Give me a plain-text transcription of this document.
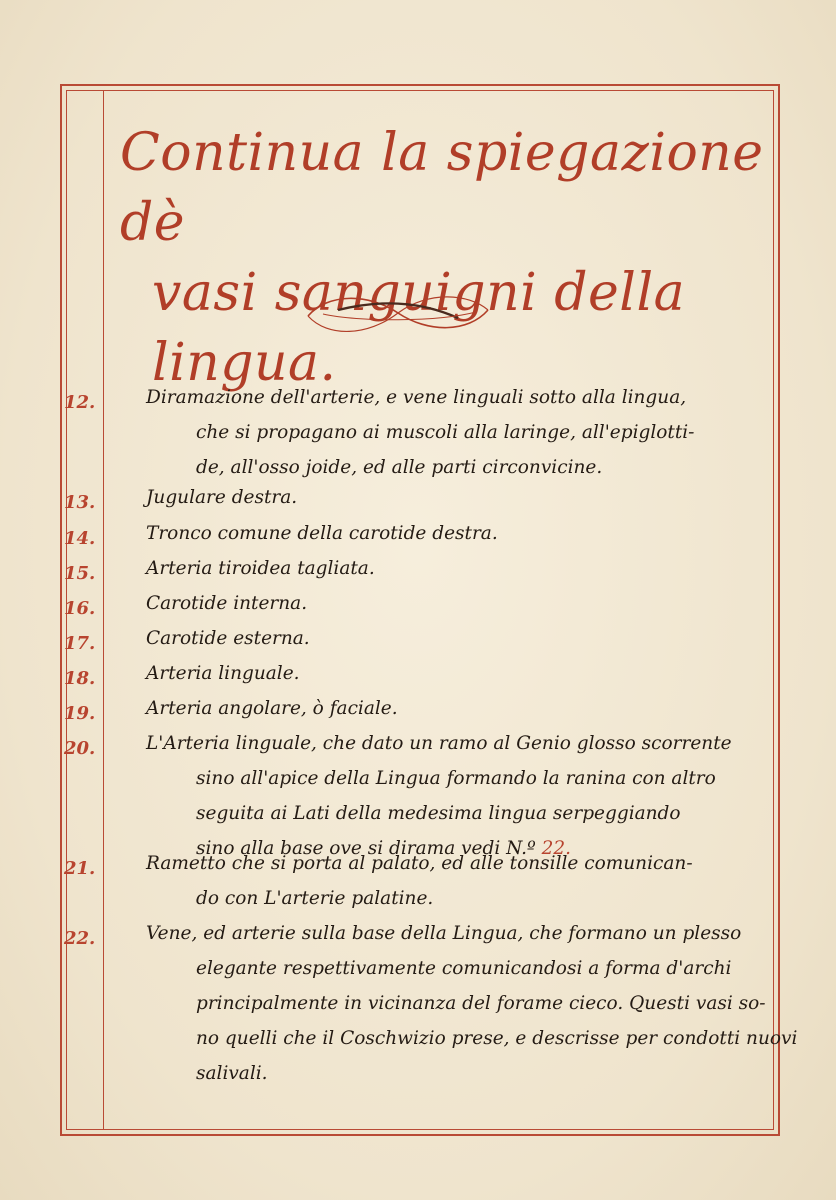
Continua la spiegazione dè
vasi sanguigni della lingua.
12.	Diramazione dell'arterie, e vene linguali sotto alla lingua,
che si propagano ai muscoli alla laringe, all'epiglotti-
de, all'osso joide, ed alle parti circonvicine.
13.	Jugulare destra.
14.	Tronco comune della carotide destra.
15.	Arteria tiroidea tagliata.
16.	Carotide interna.
17.	Carotide esterna.
18.	Arteria linguale.
19.	Arteria angolare, ò faciale.
20.	L'Arteria linguale, che dato un ramo al Genio glosso scorrente
sino all'apice della Lingua formando la ranina con altro
seguita ai Lati della medesima lingua serpeggiando
sino alla base ove si dirama vedi N.º 22.
21.	Rametto che si porta al palato, ed alle tonsille comunican-
do con L'arterie palatine.
22.	Vene, ed arterie sulla base della Lingua, che formano un plesso
elegante respettivamente comunicandosi a forma d'archi
principalmente in vicinanza del forame cieco. Questi vasi so-
no quelli che il Coschwizio prese, e descrisse per condotti nuovi
salivali.
